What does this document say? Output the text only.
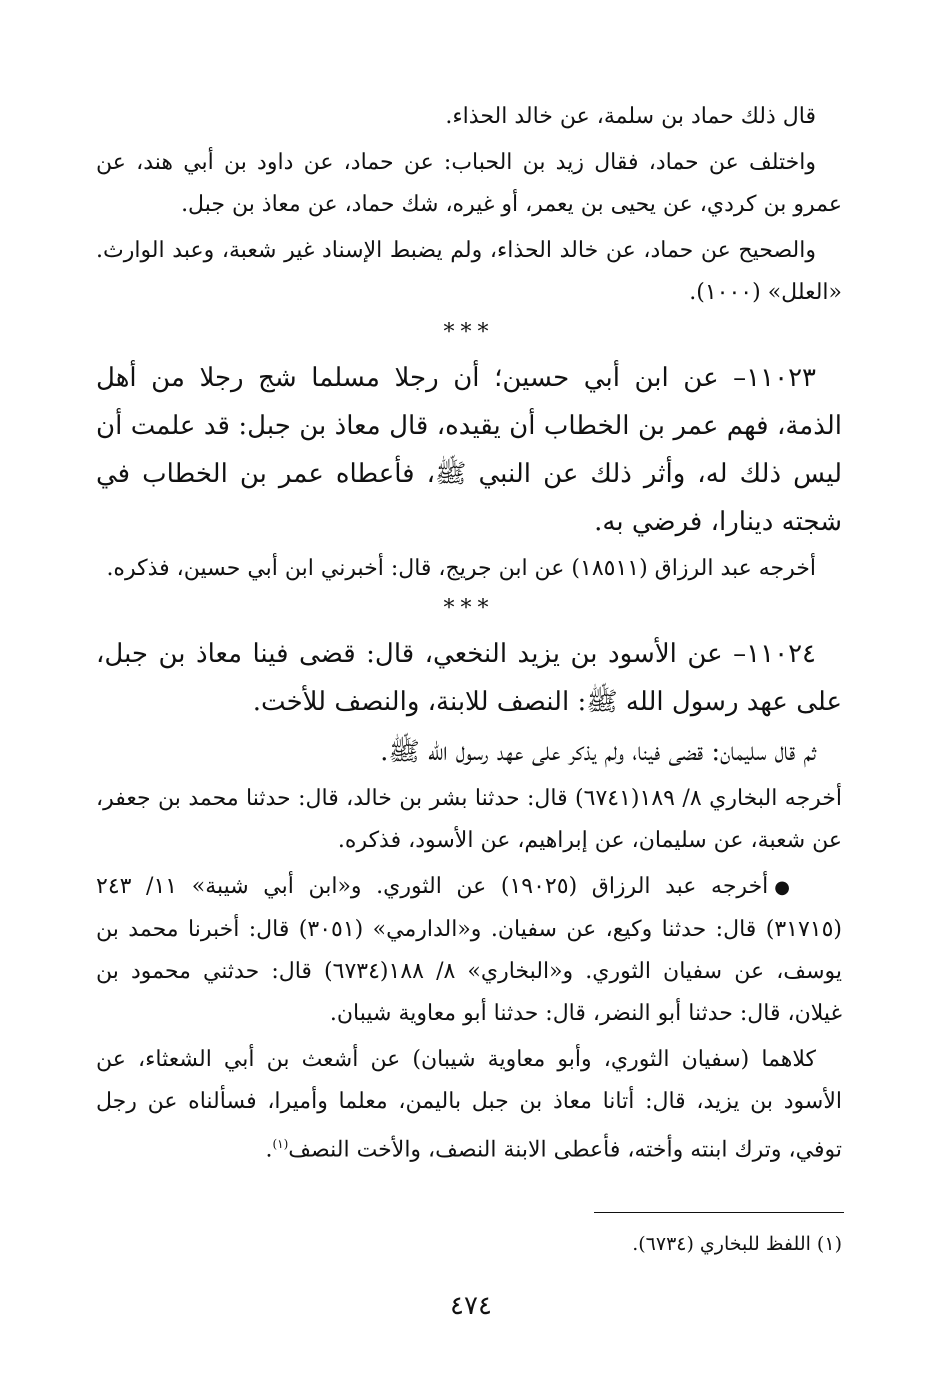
قال ذلك حماد بن سلمة، عن خالد الحذاء.

واختلف عن حماد، فقال زيد بن الحباب: عن حماد، عن داود بن أبي هند، عن عمرو بن كردي، عن يحيى بن يعمر، أو غيره، شك حماد، عن معاذ بن جبل.

والصحيح عن حماد، عن خالد الحذاء، ولم يضبط الإسناد غير شعبة، وعبد الوارث. «العلل» (١٠٠٠).

***

١١٠٢٣– عن ابن أبي حسين؛ أن رجلا مسلما شج رجلا من أهل الذمة، فهم عمر بن الخطاب أن يقيده، قال معاذ بن جبل: قد علمت أن ليس ذلك له، وأثر ذلك عن النبي ﷺ، فأعطاه عمر بن الخطاب في شجته دينارا، فرضي به.

أخرجه عبد الرزاق (١٨٥١١) عن ابن جريج، قال: أخبرني ابن أبي حسين، فذكره.

***

١١٠٢٤– عن الأسود بن يزيد النخعي، قال: قضى فينا معاذ بن جبل، على عهد رسول الله ﷺ: النصف للابنة، والنصف للأخت.

ثم قال سليمان: قضى فينا، ولم يذكر على عهد رسول الله ﷺ.

أخرجه البخاري ٨/ ١٨٩(٦٧٤١) قال: حدثنا بشر بن خالد، قال: حدثنا محمد بن جعفر، عن شعبة، عن سليمان، عن إبراهيم، عن الأسود، فذكره.

●أخرجه عبد الرزاق (١٩٠٢٥) عن الثوري. و«ابن أبي شيبة» ١١/ ٢٤٣ (٣١٧١٥) قال: حدثنا وكيع، عن سفيان. و«الدارمي» (٣٠٥١) قال: أخبرنا محمد بن يوسف، عن سفيان الثوري. و«البخاري» ٨/ ١٨٨(٦٧٣٤) قال: حدثني محمود بن غيلان، قال: حدثنا أبو النضر، قال: حدثنا أبو معاوية شيبان.

كلاهما (سفيان الثوري، وأبو معاوية شيبان) عن أشعث بن أبي الشعثاء، عن الأسود بن يزيد، قال: أتانا معاذ بن جبل باليمن، معلما وأميرا، فسألناه عن رجل توفي، وترك ابنته وأخته، فأعطى الابنة النصف، والأخت النصف$^{(١)}$.

(١) اللفظ للبخاري (٦٧٣٤).
٤٧٤
